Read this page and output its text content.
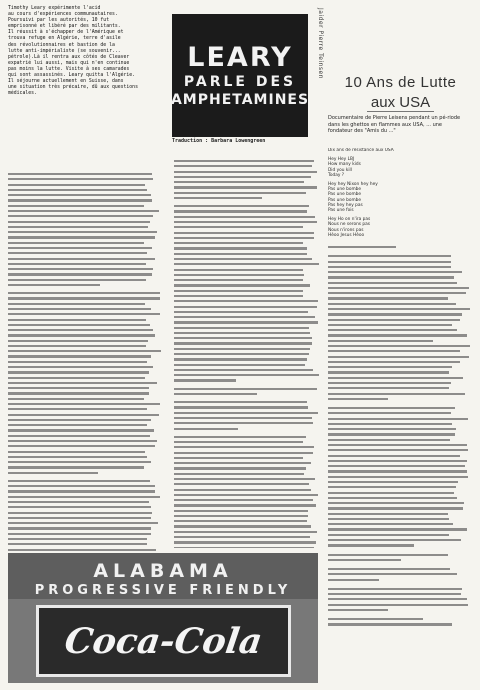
Timothy Leary expérimente l'acid
au cours d'expériences communautaires.
Poursuivi par les autorités, 10 fut
emprisonné et libéré par des militants.
Il réussit à s'échapper de l'Amérique et
trouva refuge en Algérie, terre d'asile
des révolutionnaires et bastion de la
lutte anti-impérialiste (se souvenir...
pétrole).Là il rentra aux côtés de Cleaver
expatrié lui aussi, mais qui n'en continue
pas moins la lutte. Visite à ses camarades
qui sont assassinés. Leary quitta l'Algérie.
Il séjourne actuellement en Suisse, dans
une situation très précaire, dû aux questions
médicales.
LEARY
PARLE DES
AMPHETAMINES
Jaider Pierre Teinsen
10 Ans de Lutte
aux USA
Documentaire de Pierre Leisens pendant un pé-riode dans les ghettos en flammes aux USA, ... une fondateur des "Amis du ..."
Traduction : Barbara Lowengreen
Dix ans de résistance aux USA
Hey Hey LBJ
How many kids
Did you kill
Today ?
Hey hey Nixon hey hey
Pas une bombe
Pas une bombe
Pas une bombe
Pas hey hey pas
Pas une fois
Hey Ho on n'ira pas
Nous ne serons pas
Nous n'irons pas
Hèoo Jesus Hèoo
ALABAMA
PROGRESSIVE FRIENDLY
Coca-Cola
